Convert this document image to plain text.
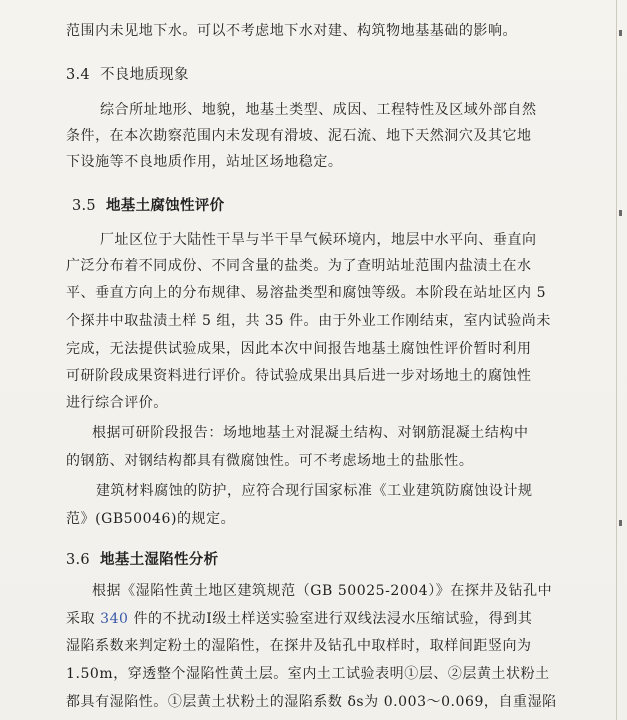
范围内未见地下水。可以不考虑地下水对建、构筑物地基基础的影响。
3.4 不良地质现象
综合所址地形、地貌，地基土类型、成因、工程特性及区域外部自然
条件，在本次勘察范围内未发现有滑坡、泥石流、地下天然洞穴及其它地
下设施等不良地质作用，站址区场地稳定。
3.5 地基土腐蚀性评价
厂址区位于大陆性干旱与半干旱气候环境内，地层中水平向、垂直向
广泛分布着不同成份、不同含量的盐类。为了查明站址范围内盐渍土在水
平、垂直方向上的分布规律、易溶盐类型和腐蚀等级。本阶段在站址区内 5
个探井中取盐渍土样 5 组，共 35 件。由于外业工作刚结束，室内试验尚未
完成，无法提供试验成果，因此本次中间报告地基土腐蚀性评价暂时利用
可研阶段成果资料进行评价。待试验成果出具后进一步对场地土的腐蚀性
进行综合评价。
根据可研阶段报告：场地地基土对混凝土结构、对钢筋混凝土结构中
的钢筋、对钢结构都具有微腐蚀性。可不考虑场地土的盐胀性。
建筑材料腐蚀的防护，应符合现行国家标准《工业建筑防腐蚀设计规
范》(GB50046)的规定。
3.6 地基土湿陷性分析
根据《湿陷性黄土地区建筑规范（GB 50025-2004）》在探井及钻孔中
采取 340 件的不扰动Ⅰ级土样送实验室进行双线法浸水压缩试验，得到其
湿陷系数来判定粉土的湿陷性，在探井及钻孔中取样时，取样间距竖向为
1.50m，穿透整个湿陷性黄土层。室内土工试验表明①层、②层黄土状粉土
都具有湿陷性。①层黄土状粉土的湿陷系数 δs为 0.003～0.069，自重湿陷
